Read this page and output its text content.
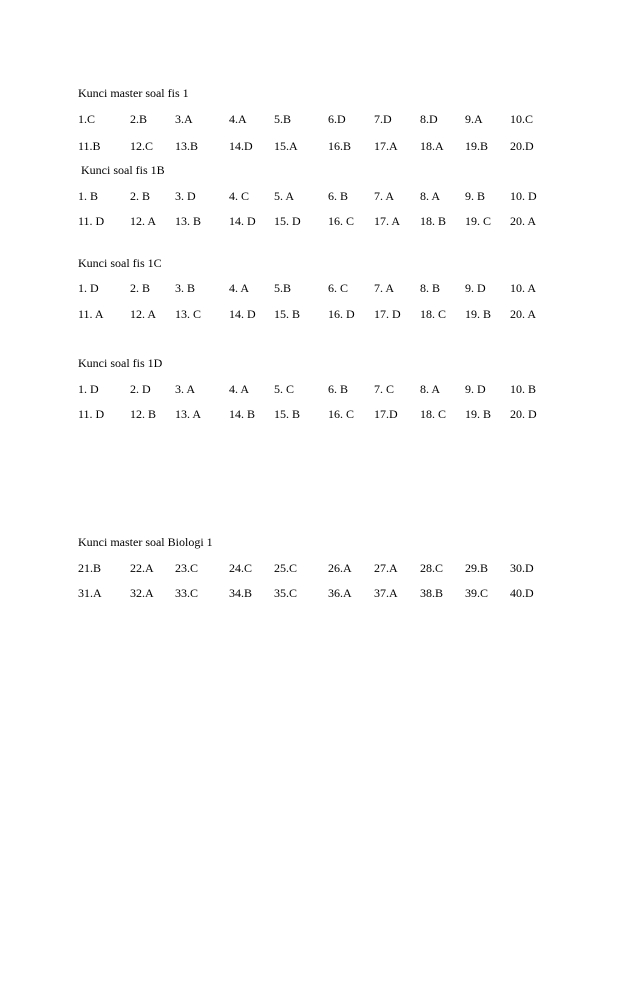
Kunci master soal fis 1
1.C	2.B 3.A	4.A 5.B	6.D 7.D 8.D 9.A 10.C
11.B 12.C 13.B	14.D 15.A	16.B 17.A 18.A 19.B 20.D
Kunci soal fis 1B
1. B	2. B 3. D	4. C 5. A	6. B 7. A 8. A 9. B 10. D
11. D 12. A 13. B 14. D 15. D 16. C 17. A 18. B 19. C 20. A
Kunci soal fis 1C
1. D	2. B 3. B	4. A 5.B	6. C 7. A 8. B 9. D 10. A
11. A 12. A 13. C 14. D 15. B 16. D 17. D 18. C 19. B 20. A
Kunci soal fis 1D
1. D	2. D 3. A	4. A 5. C	6. B 7. C 8. A 9. D 10. B
11. D 12. B 13. A 14. B 15. B 16. C 17.D 18. C 19. B 20. D
Kunci master soal Biologi 1
21.B 22.A 23.C	24.C 25.C	26.A 27.A 28.C 29.B 30.D
31.A 32.A 33.C	34.B 35.C	36.A 37.A 38.B 39.C 40.D
